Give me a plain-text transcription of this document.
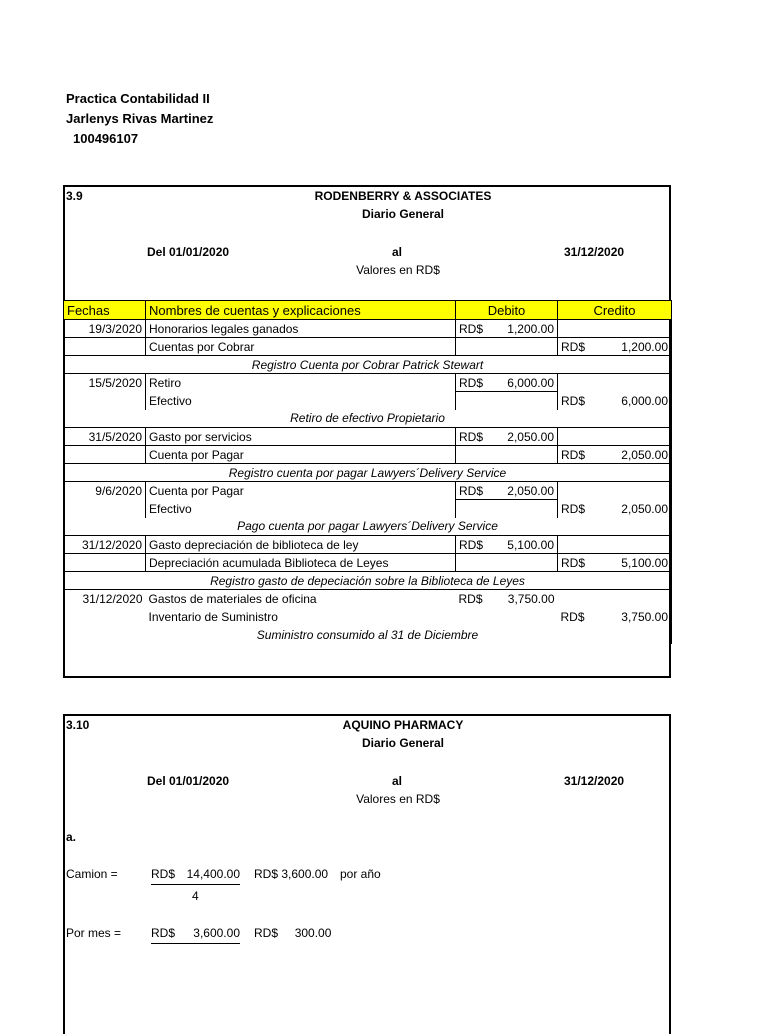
Practica Contabilidad II
Jarlenys Rivas Martinez
100496107
3.9	RODENBERRY & ASSOCIATES
Diario General
Del 01/01/2020	al	31/12/2020
Valores en RD$
Fechas	Nombres de cuentas y explicaciones	Debito	Credito
19/3/2020	Honorarios legales ganados	RD$ 1,200.00	

	Cuentas por Cobrar		RD$ 1,200.00

Registro Cuenta por Cobrar Patrick Stewart			
15/5/2020	Retiro	RD$ 6,000.00	

	Efectivo		RD$ 6,000.00

Retiro de efectivo Propietario			
31/5/2020	Gasto por servicios	RD$ 2,050.00	

	Cuenta por Pagar		RD$ 2,050.00

Registro cuenta por pagar Lawyers´Delivery Service			
9/6/2020	Cuenta por Pagar	RD$ 2,050.00	

	Efectivo		RD$ 2,050.00

Pago cuenta por pagar Lawyers´Delivery Service			
31/12/2020	Gasto depreciación de biblioteca de ley	RD$ 5,100.00	

	Depreciación acumulada Biblioteca de Leyes		RD$ 5,100.00

Registro gasto de depeciación sobre la Biblioteca de Leyes			
31/12/2020	Gastos de materiales de oficina	RD$ 3,750.00	

	Inventario de Suministro		RD$ 3,750.00

Suministro consumido al 31 de Diciembre			
3.10	AQUINO PHARMACY
Diario General
Del 01/01/2020	al	31/12/2020
Valores en RD$
a.
Camion =	RD$ 14,400.00 RD$ 3,600.00 por año
4
Por mes = RD$ 3,600.00 RD$ 300.00
